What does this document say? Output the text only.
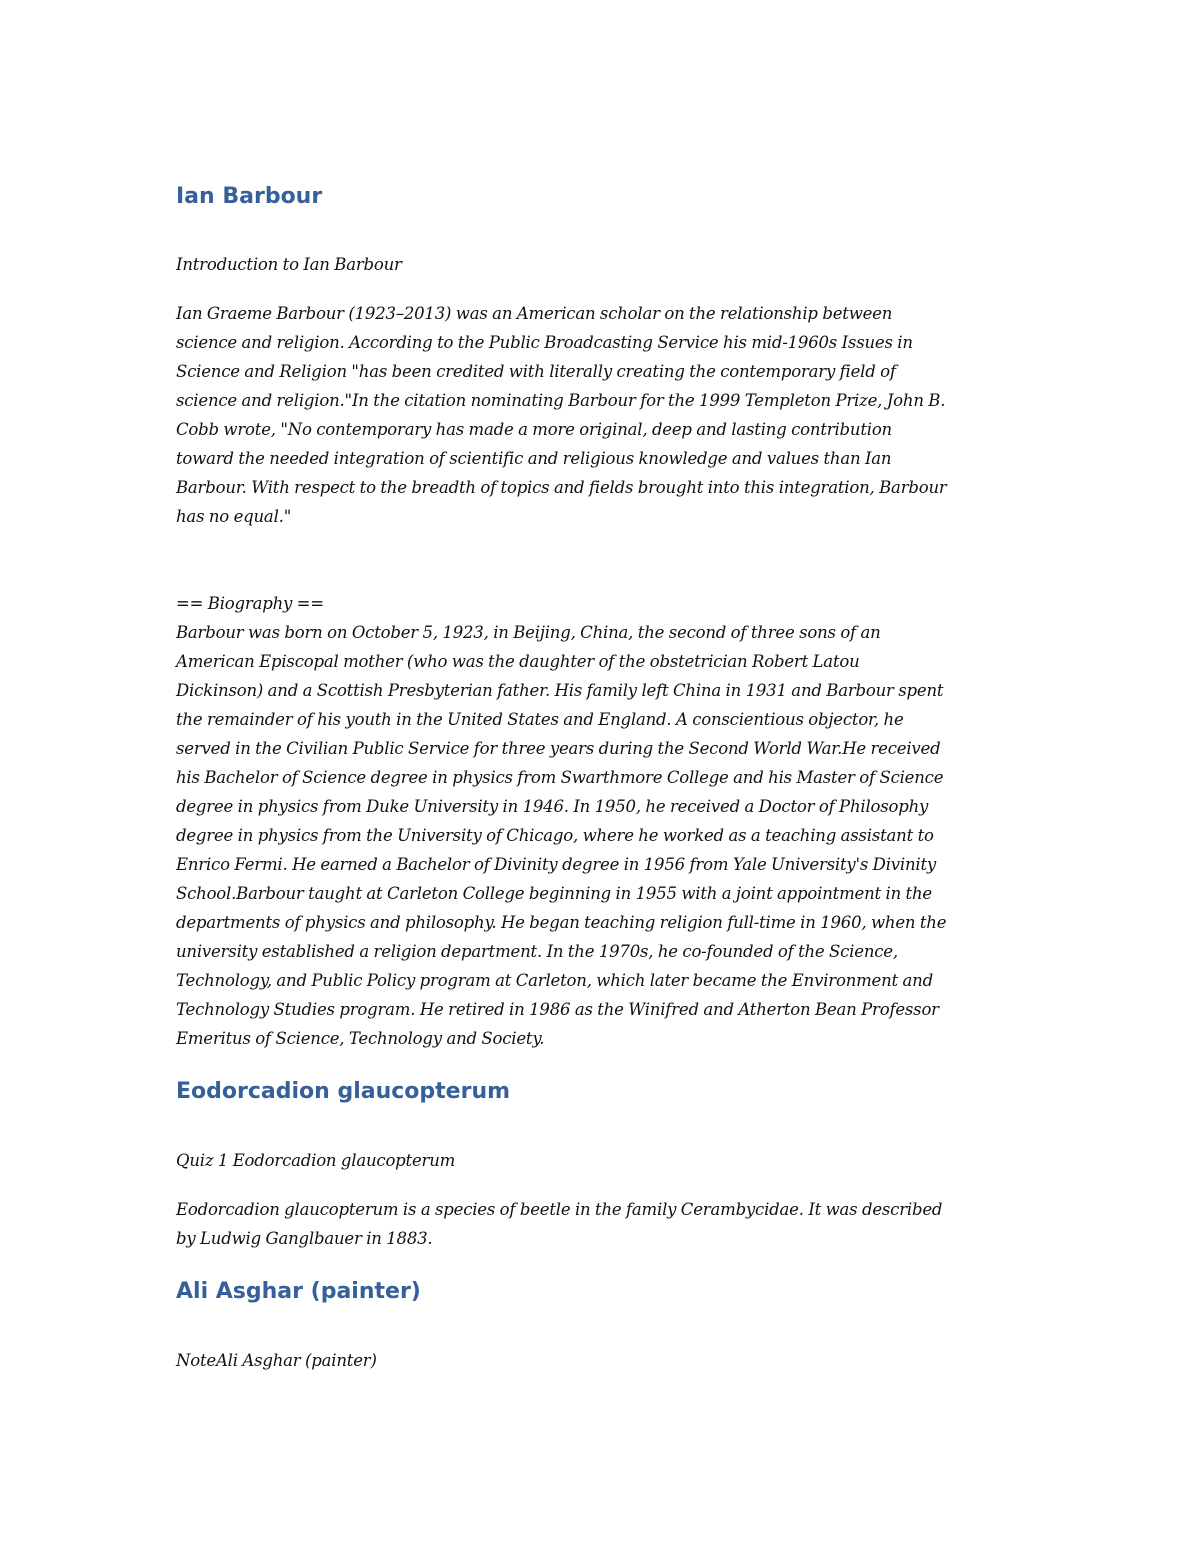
Ian Barbour

Introduction to Ian Barbour

Ian Graeme Barbour (1923–2013) was an American scholar on the relationship between
science and religion. According to the Public Broadcasting Service his mid-1960s Issues in
Science and Religion "has been credited with literally creating the contemporary field of
science and religion."In the citation nominating Barbour for the 1999 Templeton Prize, John B.
Cobb wrote, "No contemporary has made a more original, deep and lasting contribution
toward the needed integration of scientific and religious knowledge and values than Ian
Barbour. With respect to the breadth of topics and fields brought into this integration, Barbour
has no equal."

== Biography ==
Barbour was born on October 5, 1923, in Beijing, China, the second of three sons of an
American Episcopal mother (who was the daughter of the obstetrician Robert Latou
Dickinson) and a Scottish Presbyterian father. His family left China in 1931 and Barbour spent
the remainder of his youth in the United States and England. A conscientious objector, he
served in the Civilian Public Service for three years during the Second World War.He received
his Bachelor of Science degree in physics from Swarthmore College and his Master of Science
degree in physics from Duke University in 1946. In 1950, he received a Doctor of Philosophy
degree in physics from the University of Chicago, where he worked as a teaching assistant to
Enrico Fermi. He earned a Bachelor of Divinity degree in 1956 from Yale University's Divinity
School.Barbour taught at Carleton College beginning in 1955 with a joint appointment in the
departments of physics and philosophy. He began teaching religion full-time in 1960, when the
university established a religion department. In the 1970s, he co-founded of the Science,
Technology, and Public Policy program at Carleton, which later became the Environment and
Technology Studies program. He retired in 1986 as the Winifred and Atherton Bean Professor
Emeritus of Science, Technology and Society.

Eodorcadion glaucopterum

Quiz 1 Eodorcadion glaucopterum

Eodorcadion glaucopterum is a species of beetle in the family Cerambycidae. It was described
by Ludwig Ganglbauer in 1883.

Ali Asghar (painter)

NoteAli Asghar (painter)
